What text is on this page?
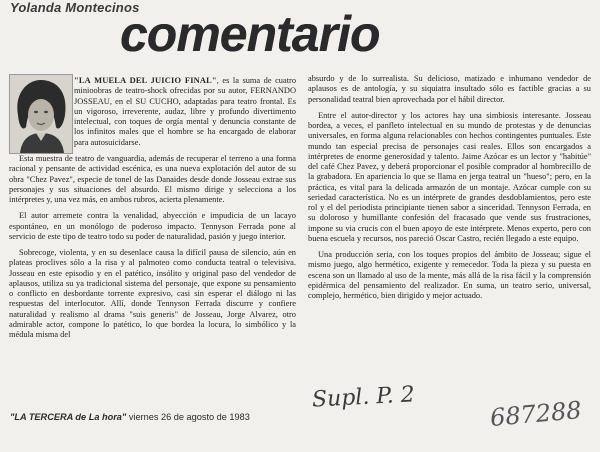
Yolanda Montecinos
comentario

"LA MUELA DEL JUICIO FINAL", es la suma de cuatro minioobras de teatro-shock ofrecidas por su autor, FERNANDO JOSSEAU, en el SU CUCHO, adaptadas para teatro frontal. Es un vigoroso, irreverente, audaz, libre y profundo divertimento intelectual, con toques de orgía mental y denuncia constante de los infinitos males que el hombre se ha encargado de elaborar para autosuicidarse.

Esta muestra de teatro de vanguardia, además de recuperar el terreno a una forma racional y pensante de actividad escénica, es una nueva explotación del autor de su obra "Chez Pavez", especie de tonel de las Danaides desde donde Josseau extrae sus personajes y sus situaciones del absurdo. El mismo dirige y selecciona a los intérpretes y, una vez más, en ambos rubros, acierta plenamente.

El autor arremete contra la venalidad, abyección e impudicia de un lacayo espontáneo, en un monólogo de poderoso impacto. Tennyson Ferrada pone al servicio de este tipo de teatro todo su poder de naturalidad, pasión y juego interior.

Sobrecoge, violenta, y en su desenlace causa la difícil pausa de silencio, aún en plateas proclives sólo a la risa y al palmoteo como conducta teatral o televisiva. Josseau en este episodio y en el patético, insólito y original paso del vendedor de aplausos, utiliza su ya tradicional sistema del personaje, que expone su pensamiento o conflicto en desbordante torrente expresivo, casi sin esperar el diálogo ni las respuestas del interlocutor. Allí, donde Tennyson Ferrada discurre y confiere naturalidad y realismo al drama "suis generis" de Josseau, Jorge Alvarez, otro admirable actor, compone lo patético, lo que bordea la locura, lo simbólico y la médula misma del

absurdo y de lo surrealista. Su delicioso, matizado e inhumano vendedor de aplausos es de antología, y su siquiatra insultado sólo es factible gracias a su personalidad teatral bien aprovechada por el hábil director.

Entre el autor-director y los actores hay una simbiosis interesante. Josseau bordea, a veces, el panfleto intelectual en su mundo de protestas y de denuncias universales, en forma alguna relacionables con hechos contingentes puntuales. Este mundo tan especial precisa de personajes casi reales. Ellos son encargados a intérpretes de enorme generosidad y talento. Jaime Azócar es un lector y "habitúe" del café Chez Pavez, y deberá proporcionar el posible comprador al hombrecillo de la grabadora. En apariencia lo que se llama en jerga teatral un "hueso"; pero, en la práctica, es vital para la delicada armazón de un montaje. Azócar cumple con su seriedad característica. No es un intérprete de grandes desdoblamientos, pero este rol y el del periodista principiante tienen sabor a sinceridad. Tennyson Ferrada, en su doloroso y humillante confesión del fracasado que vende sus frustraciones, impone su via crucis con el buen apoyo de este intérprete. Menos experto, pero con buena escuela y recursos, nos pareció Oscar Castro, recién llegado a este equipo.

Una producción seria, con los toques propios del ámbito de Josseau; sigue el mismo juego, algo hermético, exigente y remecedor. Toda la pieza y su puesta en escena son un llamado al uso de la mente, más allá de la risa fácil y la comprensión epidérmica del pensamiento del realizador. En suma, un teatro serio, universal, complejo, hermético, bien dirigido y mejor actuado.

"LA TERCERA de La hora" viernes 26 de agosto de 1983
Supl. P. 2	687288
